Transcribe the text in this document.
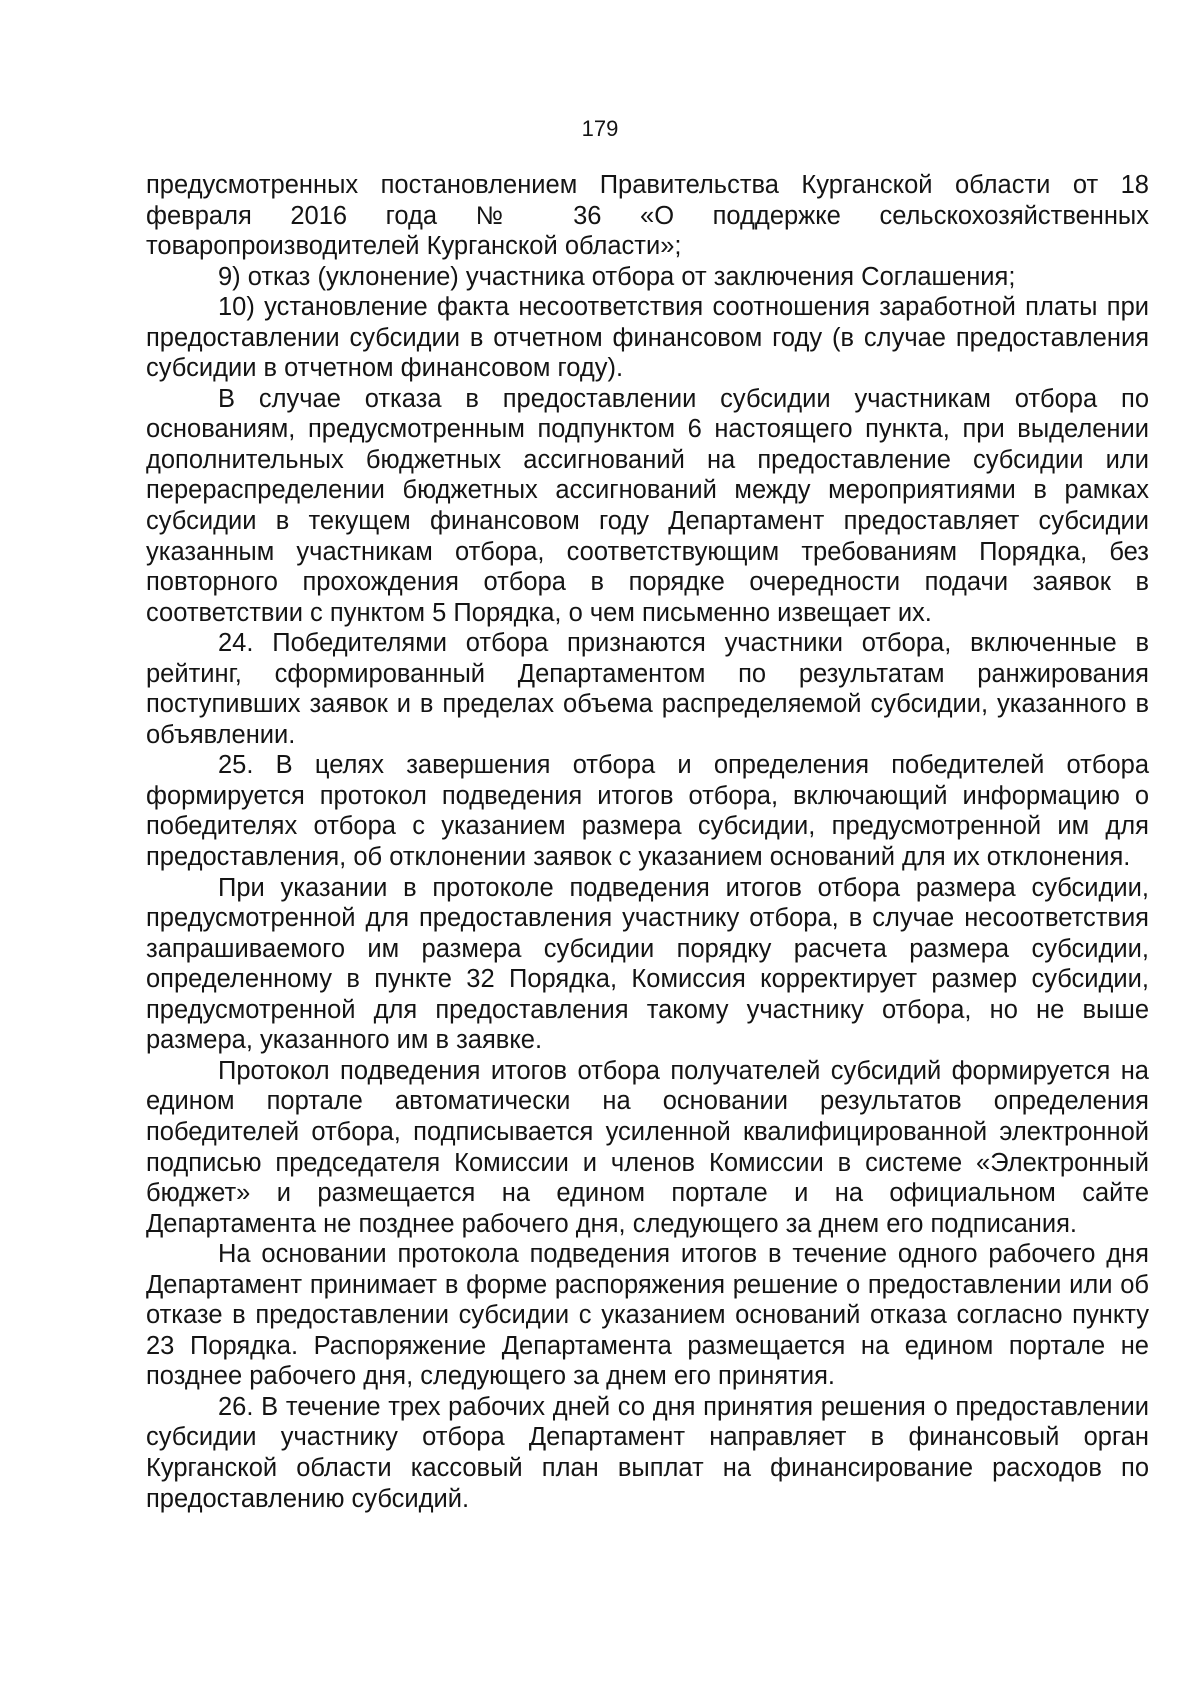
179

предусмотренных постановлением Правительства Курганской области от 18 февраля 2016 года № 36 «О поддержке сельскохозяйственных товаропроизводителей Курганской области»;

9) отказ (уклонение) участника отбора от заключения Соглашения;

10) установление факта несоответствия соотношения заработной платы при предоставлении субсидии в отчетном финансовом году (в случае предоставления субсидии в отчетном финансовом году).

В случае отказа в предоставлении субсидии участникам отбора по основаниям, предусмотренным подпунктом 6 настоящего пункта, при выделении дополнительных бюджетных ассигнований на предоставление субсидии или перераспределении бюджетных ассигнований между мероприятиями в рамках субсидии в текущем финансовом году Департамент предоставляет субсидии указанным участникам отбора, соответствующим требованиям Порядка, без повторного прохождения отбора в порядке очередности подачи заявок в соответствии с пунктом 5 Порядка, о чем письменно извещает их.

24. Победителями отбора признаются участники отбора, включенные в рейтинг, сформированный Департаментом по результатам ранжирования поступивших заявок и в пределах объема распределяемой субсидии, указанного в объявлении.

25. В целях завершения отбора и определения победителей отбора формируется протокол подведения итогов отбора, включающий информацию о победителях отбора с указанием размера субсидии, предусмотренной им для предоставления, об отклонении заявок с указанием оснований для их отклонения.

При указании в протоколе подведения итогов отбора размера субсидии, предусмотренной для предоставления участнику отбора, в случае несоответствия запрашиваемого им размера субсидии порядку расчета размера субсидии, определенному в пункте 32 Порядка, Комиссия корректирует размер субсидии, предусмотренной для предоставления такому участнику отбора, но не выше размера, указанного им в заявке.

Протокол подведения итогов отбора получателей субсидий формируется на едином портале автоматически на основании результатов определения победителей отбора, подписывается усиленной квалифицированной электронной подписью председателя Комиссии и членов Комиссии в системе «Электронный бюджет» и размещается на едином портале и на официальном сайте Департамента не позднее рабочего дня, следующего за днем его подписания.

На основании протокола подведения итогов в течение одного рабочего дня Департамент принимает в форме распоряжения решение о предоставлении или об отказе в предоставлении субсидии с указанием оснований отказа согласно пункту 23 Порядка. Распоряжение Департамента размещается на едином портале не позднее рабочего дня, следующего за днем его принятия.

26. В течение трех рабочих дней со дня принятия решения о предоставлении субсидии участнику отбора Департамент направляет в финансовый орган Курганской области кассовый план выплат на финансирование расходов по предоставлению субсидий.
